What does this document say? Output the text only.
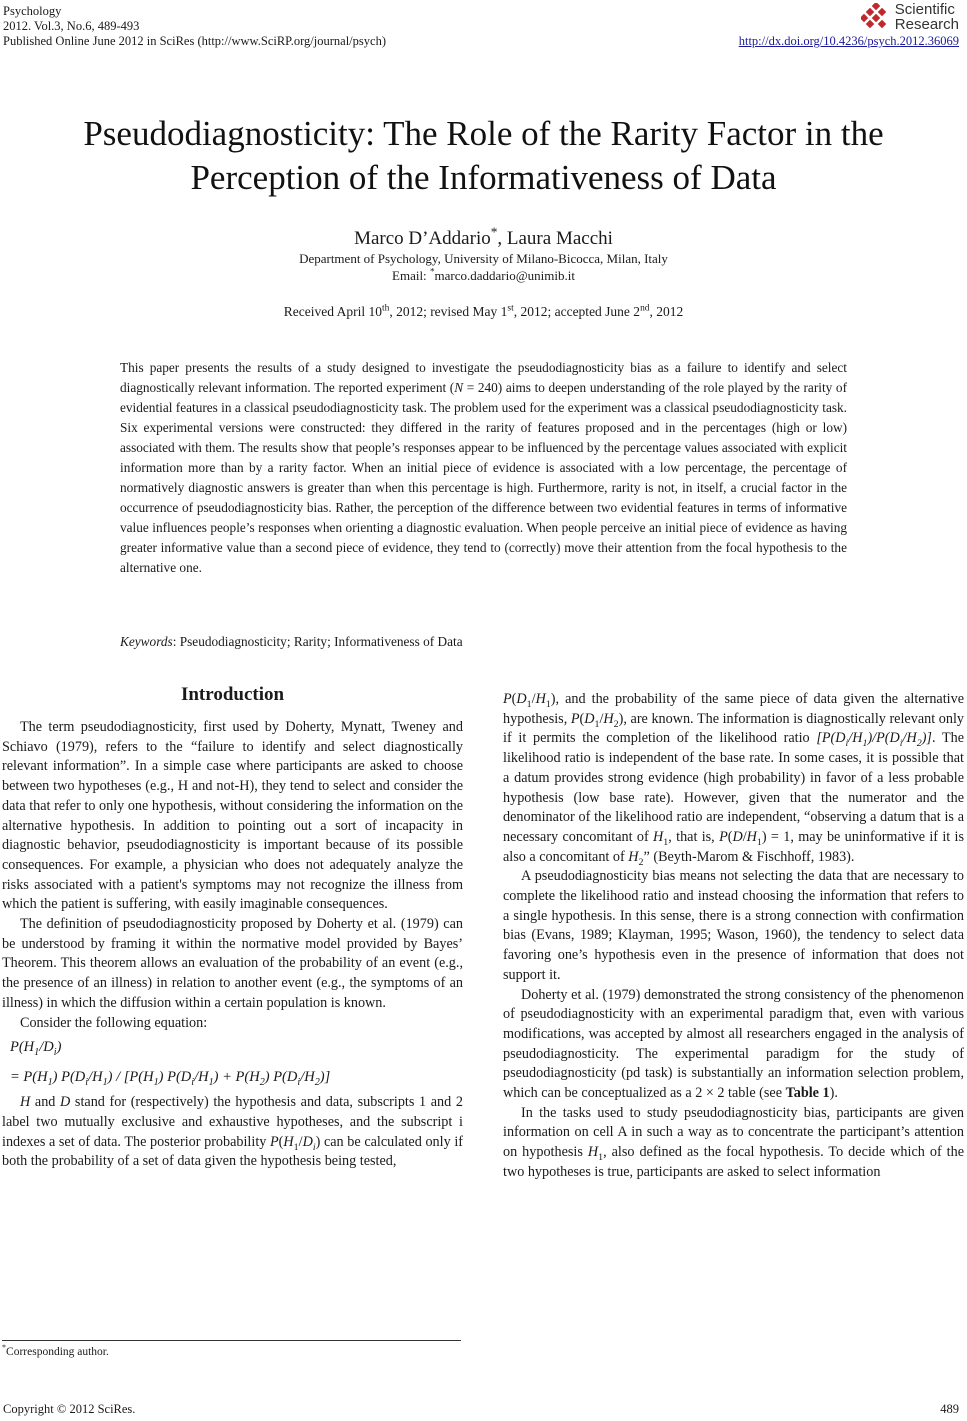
Psychology
2012. Vol.3, No.6, 489-493
Published Online June 2012 in SciRes (http://www.SciRP.org/journal/psych)
Scientific
Research
http://dx.doi.org/10.4236/psych.2012.36069
Pseudodiagnosticity: The Role of the Rarity Factor in the
Perception of the Informativeness of Data
Marco D’Addario*, Laura Macchi
Department of Psychology, University of Milano-Bicocca, Milan, Italy
Email: *marco.daddario@unimib.it
Received April 10th, 2012; revised May 1st, 2012; accepted June 2nd, 2012
This paper presents the results of a study designed to investigate the pseudodiagnosticity bias as a failure to identify and select diagnostically relevant information. The reported experiment (N = 240) aims to deepen understanding of the role played by the rarity of evidential features in a classical pseudodiagnosticity task. The problem used for the experiment was a classical pseudodiagnosticity task. Six experimental versions were constructed: they differed in the rarity of features proposed and in the percentages (high or low) associated with them. The results show that people’s responses appear to be influenced by the percentage values associated with explicit information more than by a rarity factor. When an initial piece of evidence is associated with a low percentage, the percentage of normatively diagnostic answers is greater than when this percentage is high. Furthermore, rarity is not, in itself, a crucial factor in the occurrence of pseudodiagnosticity bias. Rather, the perception of the difference between two evidential features in terms of informative value influences people’s responses when orienting a diagnostic evaluation. When people perceive an initial piece of evidence as having greater informative value than a second piece of evidence, they tend to (correctly) move their attention from the focal hypothesis to the alternative one.
Keywords: Pseudodiagnosticity; Rarity; Informativeness of Data
Introduction

The term pseudodiagnosticity, first used by Doherty, Mynatt, Tweney and Schiavo (1979), refers to the “failure to identify and select diagnostically relevant information”. In a simple case where participants are asked to choose between two hypotheses (e.g., H and not-H), they tend to select and consider the data that refer to only one hypothesis, without considering the information on the alternative hypothesis. In addition to pointing out a sort of incapacity in diagnostic behavior, pseudodiagnosticity is important because of its possible consequences. For example, a physician who does not adequately analyze the risks associated with a patient's symptoms may not recognize the illness from which the patient is suffering, with easily imaginable consequences.

The definition of pseudodiagnosticity proposed by Doherty et al. (1979) can be understood by framing it within the normative model provided by Bayes’ Theorem. This theorem allows an evaluation of the probability of an event (e.g., the presence of an illness) in relation to another event (e.g., the symptoms of an illness) in which the diffusion within a certain population is known.

Consider the following equation:

$P(H_1/D_i)$
= $P(H_1)$ $P(D_i/H_1) / [P(H_1) P(D_i/H_1) + P(H_2)$ $P(D_i/H_2)$]

H and D stand for (respectively) the hypothesis and data, subscripts 1 and 2 label two mutually exclusive and exhaustive hypotheses, and the subscript i indexes a set of data. The posterior probability $P(H_1/D_i)$ can be calculated only if both the probability of a set of data given the hypothesis being tested,

$P(D_1/H_1)$, and the probability of the same piece of data given the alternative hypothesis, $P(D_1/H_2)$, are known. The information is diagnostically relevant only if it permits the completion of the likelihood ratio $[P(D_i/H_1)/P(D_i/H_2)]$. The likelihood ratio is independent of the base rate. In some cases, it is possible that a datum provides strong evidence (high probability) in favor of a less probable hypothesis (low base rate). However, given that the numerator and the denominator of the likelihood ratio are independent, “observing a datum that is a necessary concomitant of $H_1$, that is, $P(D/H_1) = 1$, may be uninformative if it is also a concomitant of $H_2$” (Beyth-Marom & Fischhoff, 1983).

A pseudodiagnosticity bias means not selecting the data that are necessary to complete the likelihood ratio and instead choosing the information that refers to a single hypothesis. In this sense, there is a strong connection with confirmation bias (Evans, 1989; Klayman, 1995; Wason, 1960), the tendency to select data favoring one’s hypothesis even in the presence of information that does not support it.

Doherty et al. (1979) demonstrated the strong consistency of the phenomenon of pseudodiagnosticity with an experimental paradigm that, even with various modifications, was accepted by almost all researchers engaged in the analysis of pseudodiagnosticity. The experimental paradigm for the study of pseudodiagnosticity (pd task) is substantially an information selection problem, which can be conceptualized as a 2 × 2 table (see Table 1).

In the tasks used to study pseudodiagnosticity bias, participants are given information on cell A in such a way as to concentrate the participant’s attention on hypothesis $H_1$, also defined as the focal hypothesis. To decide which of the two hypotheses is true, participants are asked to select information

*Corresponding author.
Copyright © 2012 SciRes.	489
